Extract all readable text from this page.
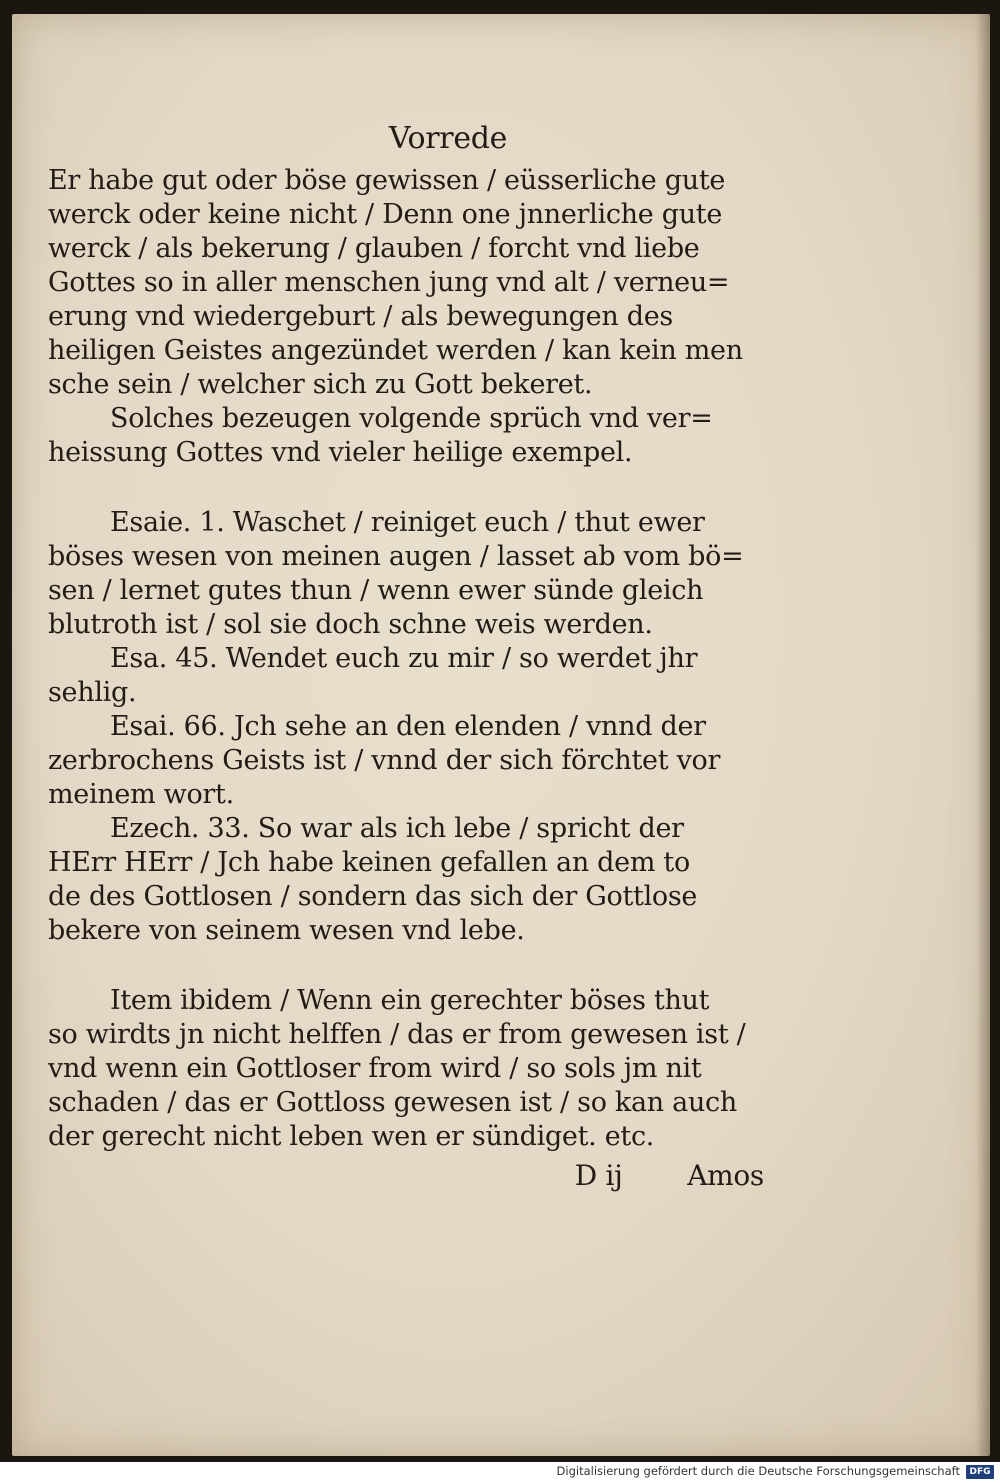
Vorrede
Er habe gut oder böse gewissen / eüsserliche gute
werck oder keine nicht / Denn one jnnerliche gute
werck / als bekerung / glauben / forcht vnd liebe
Gottes so in aller menschen jung vnd alt / verneu=
erung vnd wiedergeburt / als bewegungen des
heiligen Geistes angezündet werden / kan kein men
sche sein / welcher sich zu Gott bekeret.
Solches bezeugen volgende sprüch vnd ver=
heissung Gottes vnd vieler heilige exempel.
Esaie. 1. Waschet / reiniget euch / thut ewer
böses wesen von meinen augen / lasset ab vom bö=
sen / lernet gutes thun / wenn ewer sünde gleich
blutroth ist / sol sie doch schne weis werden.
Esa. 45. Wendet euch zu mir / so werdet jhr
sehlig.
Esai. 66. Jch sehe an den elenden / vnnd der
zerbrochens Geists ist / vnnd der sich förchtet vor
meinem wort.
Ezech. 33. So war als ich lebe / spricht der
HErr HErr / Jch habe keinen gefallen an dem to
de des Gottlosen / sondern das sich der Gottlose
bekere von seinem wesen vnd lebe.
Item ibidem / Wenn ein gerechter böses thut
so wirdts jn nicht helffen / das er from gewesen ist /
vnd wenn ein Gottloser from wird / so sols jm nit
schaden / das er Gottloss gewesen ist / so kan auch
der gerecht nicht leben wen er sündiget. etc.
D ij Amos
Digitalisierung gefördert durch die Deutsche Forschungsgemeinschaft	DFG
